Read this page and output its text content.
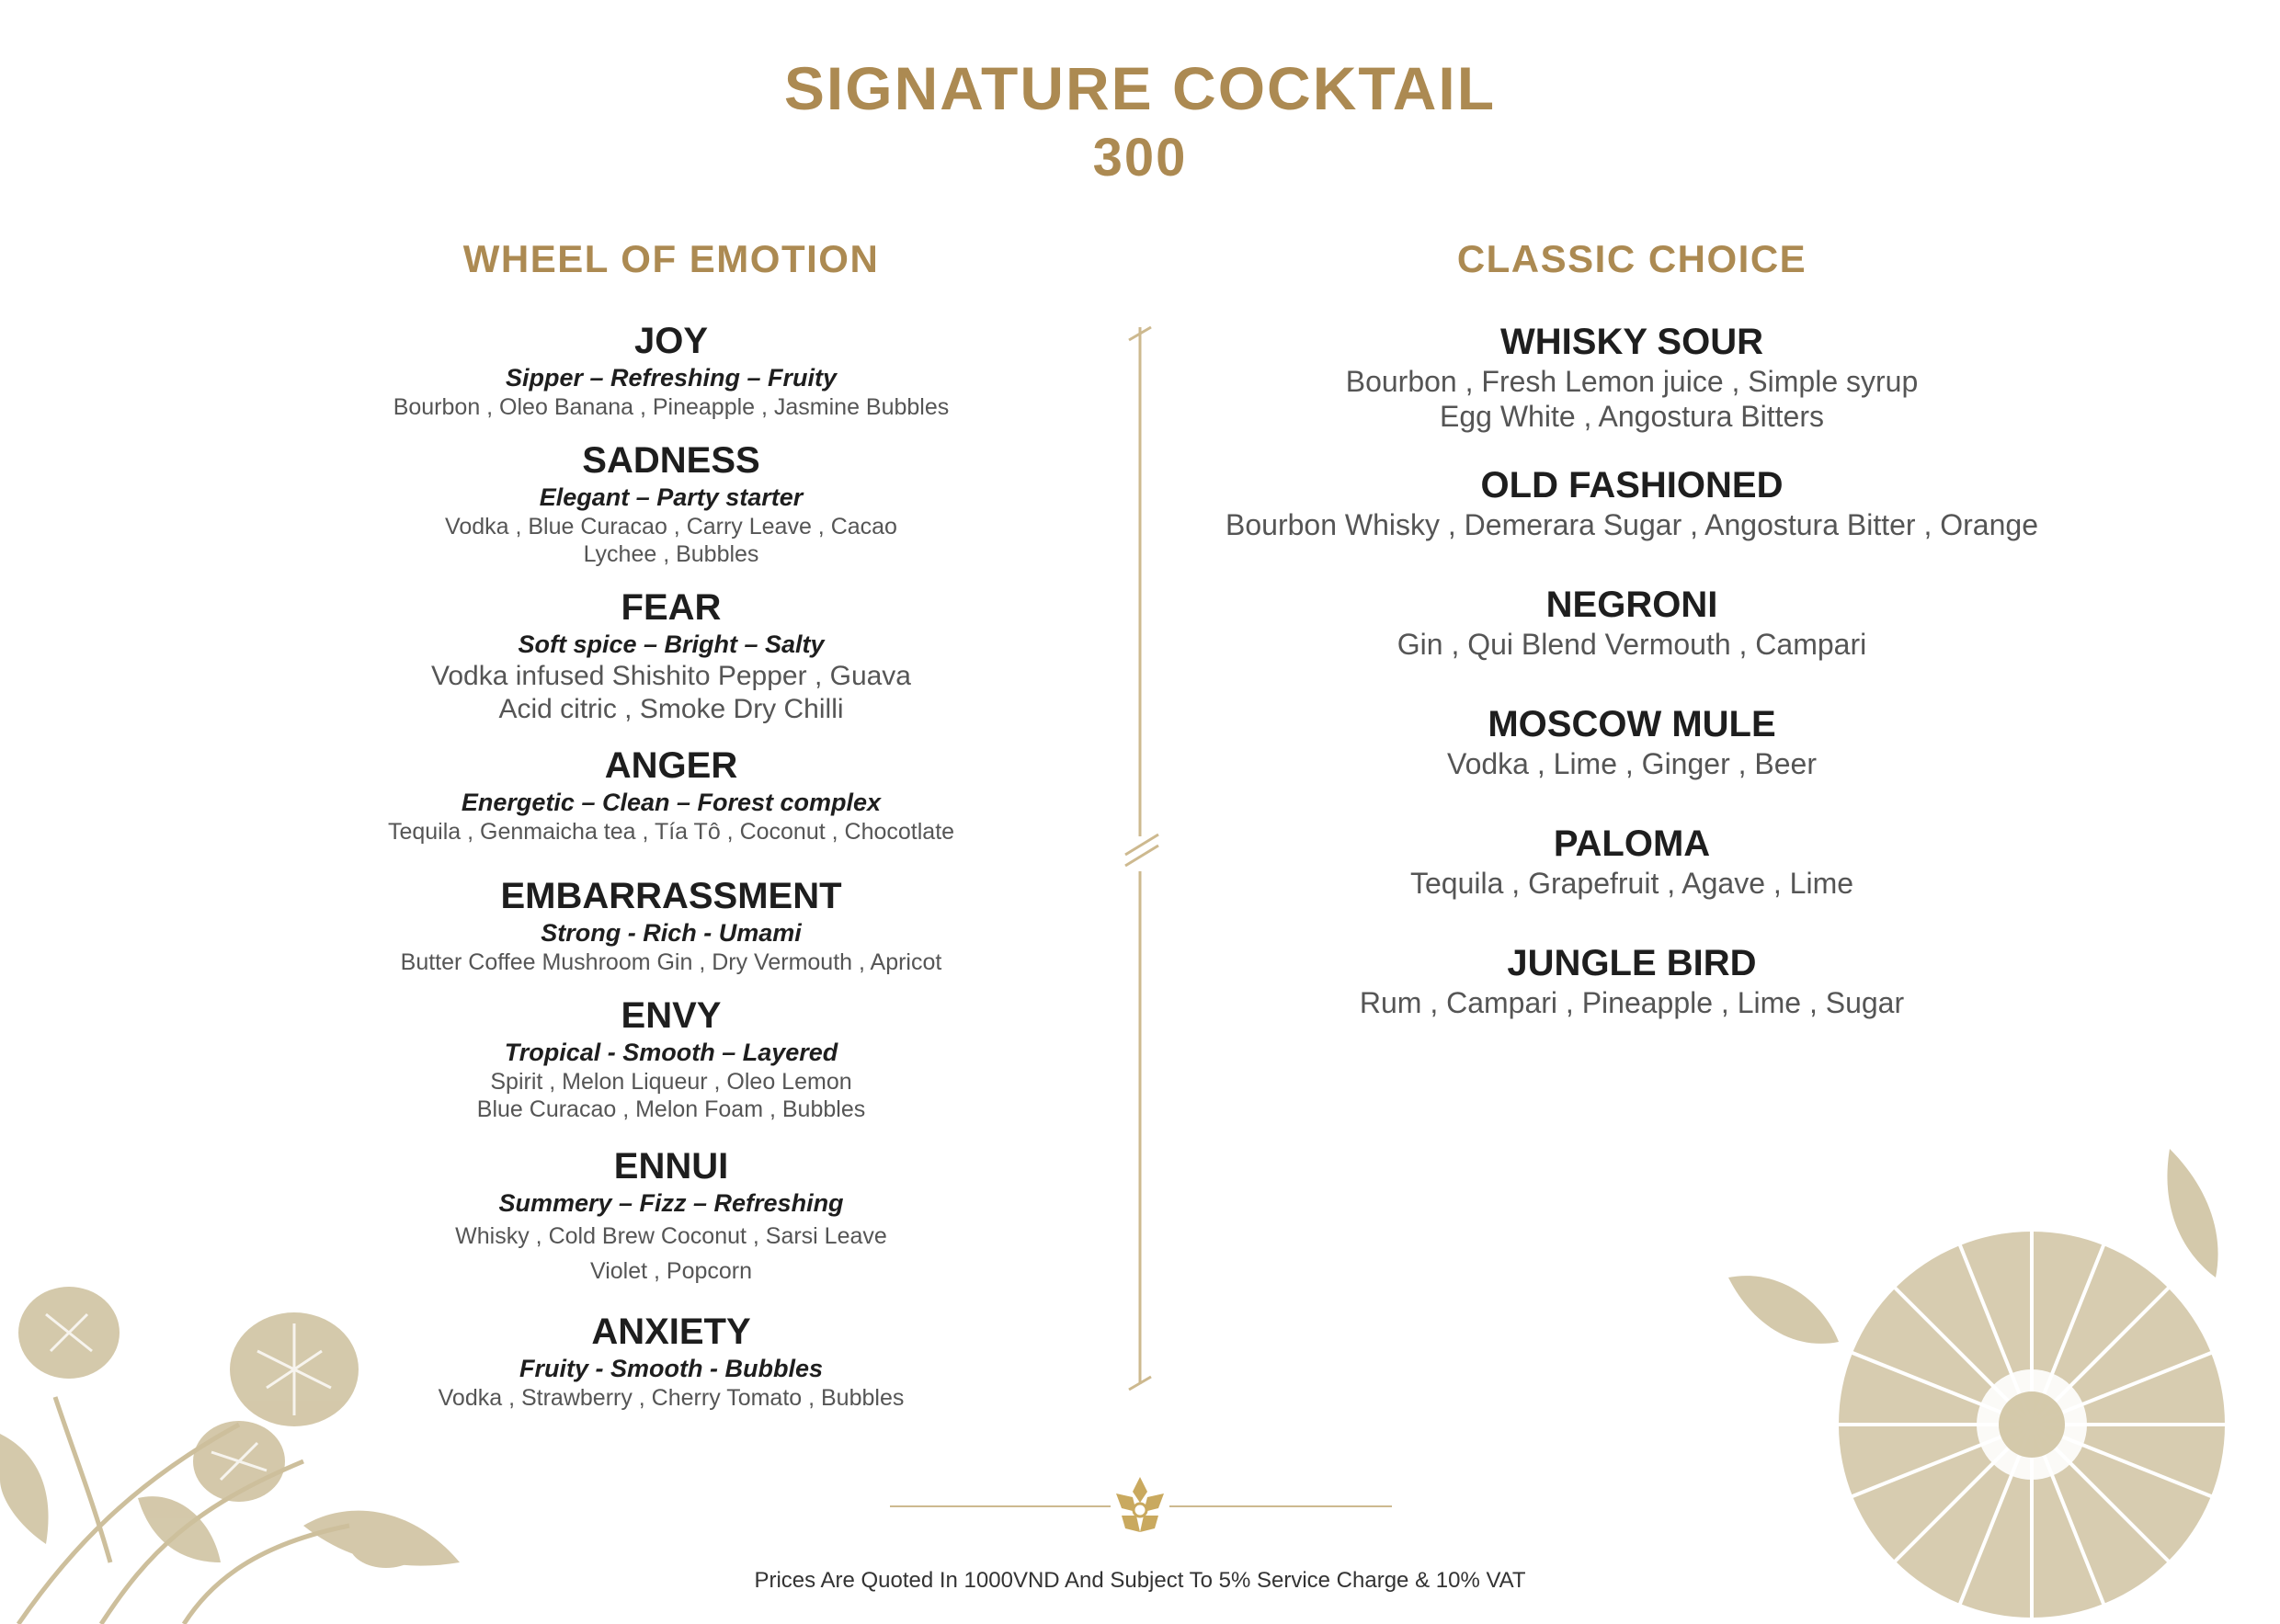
SIGNATURE COCKTAIL
300
WHEEL OF EMOTION	CLASSIC CHOICE
JOY
Sipper – Refreshing – Fruity
Bourbon , Oleo Banana , Pineapple , Jasmine Bubbles
SADNESS
Elegant – Party starter
Vodka , Blue Curacao , Carry Leave , Cacao
Lychee , Bubbles
FEAR
Soft spice – Bright – Salty
Vodka infused Shishito Pepper , Guava
Acid citric , Smoke Dry Chilli
ANGER
Energetic – Clean – Forest complex
Tequila , Genmaicha tea , Tía Tô , Coconut , Chocotlate
EMBARRASSMENT
Strong - Rich - Umami
Butter Coffee Mushroom Gin , Dry Vermouth , Apricot
ENVY
Tropical - Smooth – Layered
Spirit , Melon Liqueur , Oleo Lemon
Blue Curacao , Melon Foam , Bubbles
ENNUI
Summery – Fizz – Refreshing
Whisky , Cold Brew Coconut , Sarsi Leave
Violet , Popcorn
ANXIETY
Fruity - Smooth - Bubbles
Vodka , Strawberry , Cherry Tomato , Bubbles
WHISKY SOUR
Bourbon , Fresh Lemon juice , Simple syrup
Egg White , Angostura Bitters
OLD FASHIONED
Bourbon Whisky , Demerara Sugar , Angostura Bitter , Orange
NEGRONI
Gin , Qui Blend Vermouth , Campari
MOSCOW MULE
Vodka , Lime , Ginger , Beer
PALOMA
Tequila , Grapefruit , Agave , Lime
JUNGLE BIRD
Rum , Campari , Pineapple , Lime , Sugar
Prices Are Quoted In 1000VND And Subject To 5% Service Charge & 10% VAT
